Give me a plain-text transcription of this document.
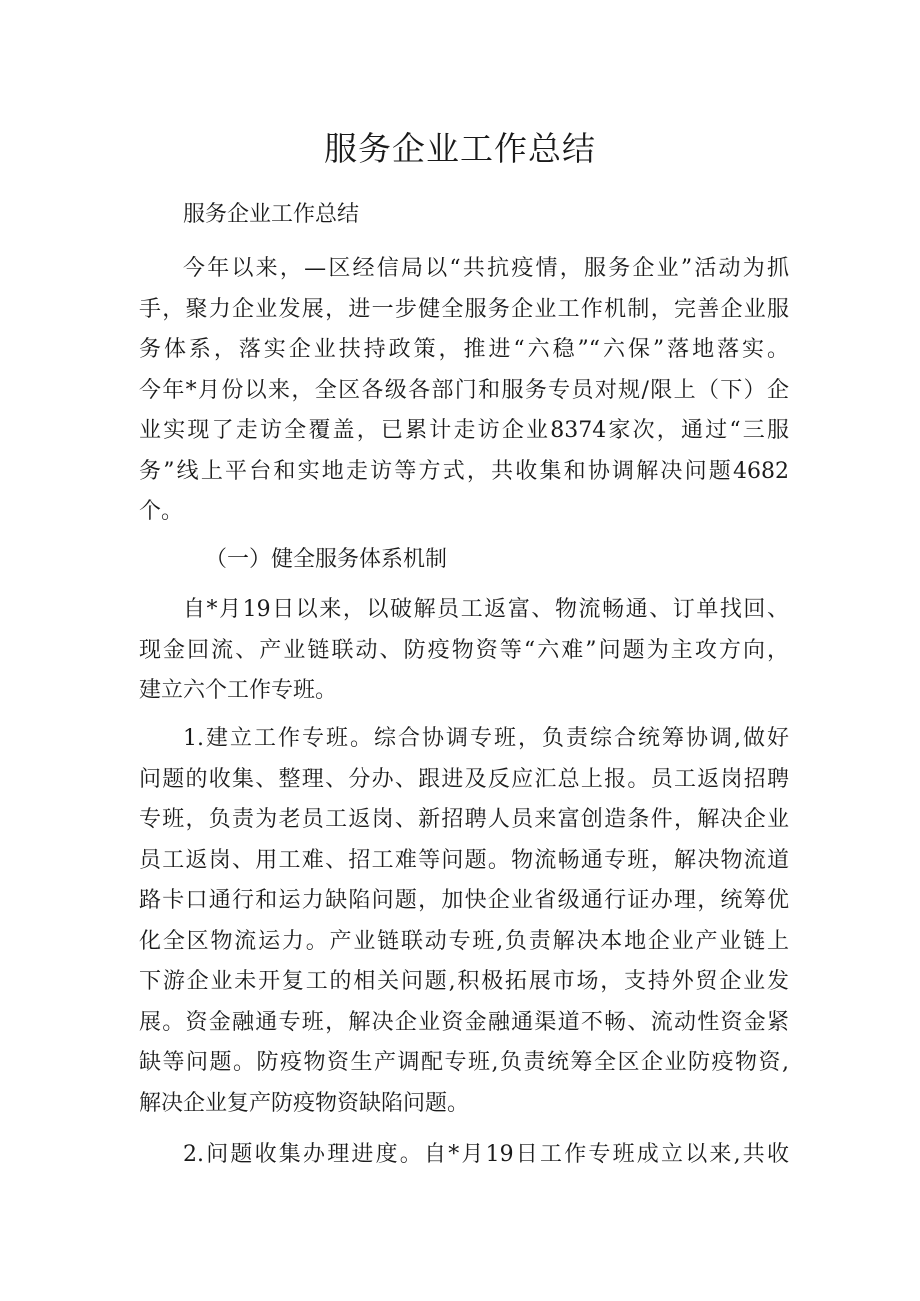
服务企业工作总结

服务企业工作总结

今年以来，—区经信局以“共抗疫情，服务企业”活动为抓
手，聚力企业发展，进一步健全服务企业工作机制，完善企业服
务体系，落实企业扶持政策，推进“六稳”“六保”落地落实。
今年*月份以来，全区各级各部门和服务专员对规/限上（下）企
业实现了走访全覆盖，已累计走访企业8374家次，通过“三服
务”线上平台和实地走访等方式，共收集和协调解决问题4682
个。

（一）健全服务体系机制

自*月19日以来，以破解员工返富、物流畅通、订单找回、
现金回流、产业链联动、防疫物资等“六难”问题为主攻方向，
建立六个工作专班。

1.建立工作专班。综合协调专班，负责综合统筹协调,做好
问题的收集、整理、分办、跟进及反应汇总上报。员工返岗招聘
专班，负责为老员工返岗、新招聘人员来富创造条件，解决企业
员工返岗、用工难、招工难等问题。物流畅通专班，解决物流道
路卡口通行和运力缺陷问题，加快企业省级通行证办理，统筹优
化全区物流运力。产业链联动专班,负责解决本地企业产业链上
下游企业未开复工的相关问题,积极拓展市场，支持外贸企业发
展。资金融通专班，解决企业资金融通渠道不畅、流动性资金紧
缺等问题。防疫物资生产调配专班,负责统筹全区企业防疫物资,
解决企业复产防疫物资缺陷问题。

2.问题收集办理进度。自*月19日工作专班成立以来,共收
